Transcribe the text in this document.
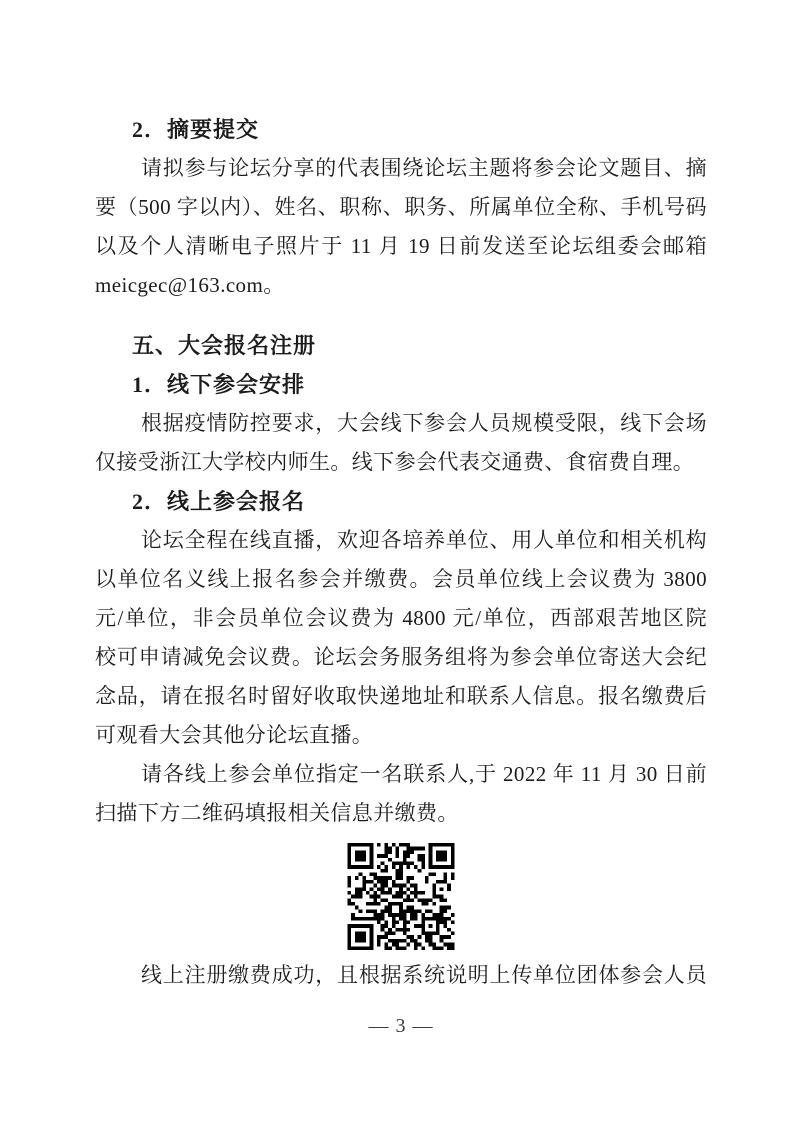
2．摘要提交
请拟参与论坛分享的代表围绕论坛主题将参会论文题目、摘
要（500 字以内）、姓名、职称、职务、所属单位全称、手机号码
以及个人清晰电子照片于 11 月 19 日前发送至论坛组委会邮箱
meicgec@163.com。
五、大会报名注册
1．线下参会安排
根据疫情防控要求，大会线下参会人员规模受限，线下会场
仅接受浙江大学校内师生。线下参会代表交通费、食宿费自理。
2．线上参会报名
论坛全程在线直播，欢迎各培养单位、用人单位和相关机构
以单位名义线上报名参会并缴费。会员单位线上会议费为 3800
元/单位，非会员单位会议费为 4800 元/单位，西部艰苦地区院
校可申请减免会议费。论坛会务服务组将为参会单位寄送大会纪
念品，请在报名时留好收取快递地址和联系人信息。报名缴费后
可观看大会其他分论坛直播。
请各线上参会单位指定一名联系人,于 2022 年 11 月 30 日前
扫描下方二维码填报相关信息并缴费。
线上注册缴费成功，且根据系统说明上传单位团体参会人员
— 3 —
